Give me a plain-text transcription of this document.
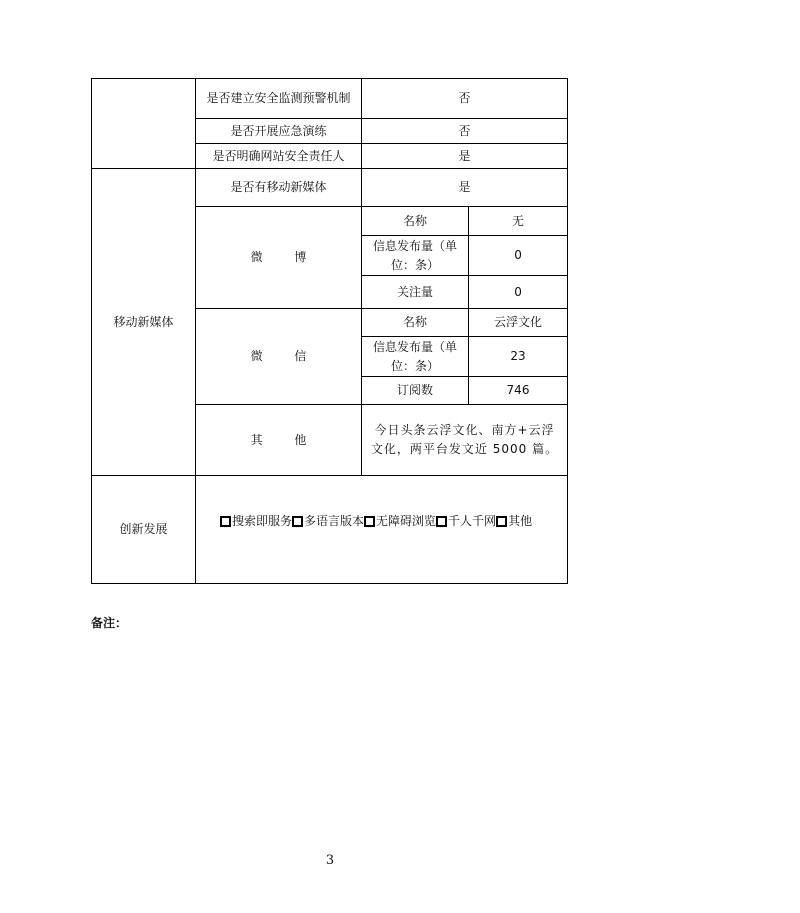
	是否建立安全监测预警机制	否	
	是否开展应急演练	否	
	是否明确网站安全责任人	是	
移动新媒体	是否有移动新媒体	是	
	微 博	名称	无
		信息发布量（单位：条）	0
		关注量	0
	微 信	名称	云浮文化
		信息发布量（单位：条）	23
		订阅数	746
	其 他	今日头条云浮文化、南方+云浮文化，两平台发文近 5000 篇。	
创新发展	搜索即服务 多语言版本 无障碍浏览 千人千网 其他		
备注：
3
